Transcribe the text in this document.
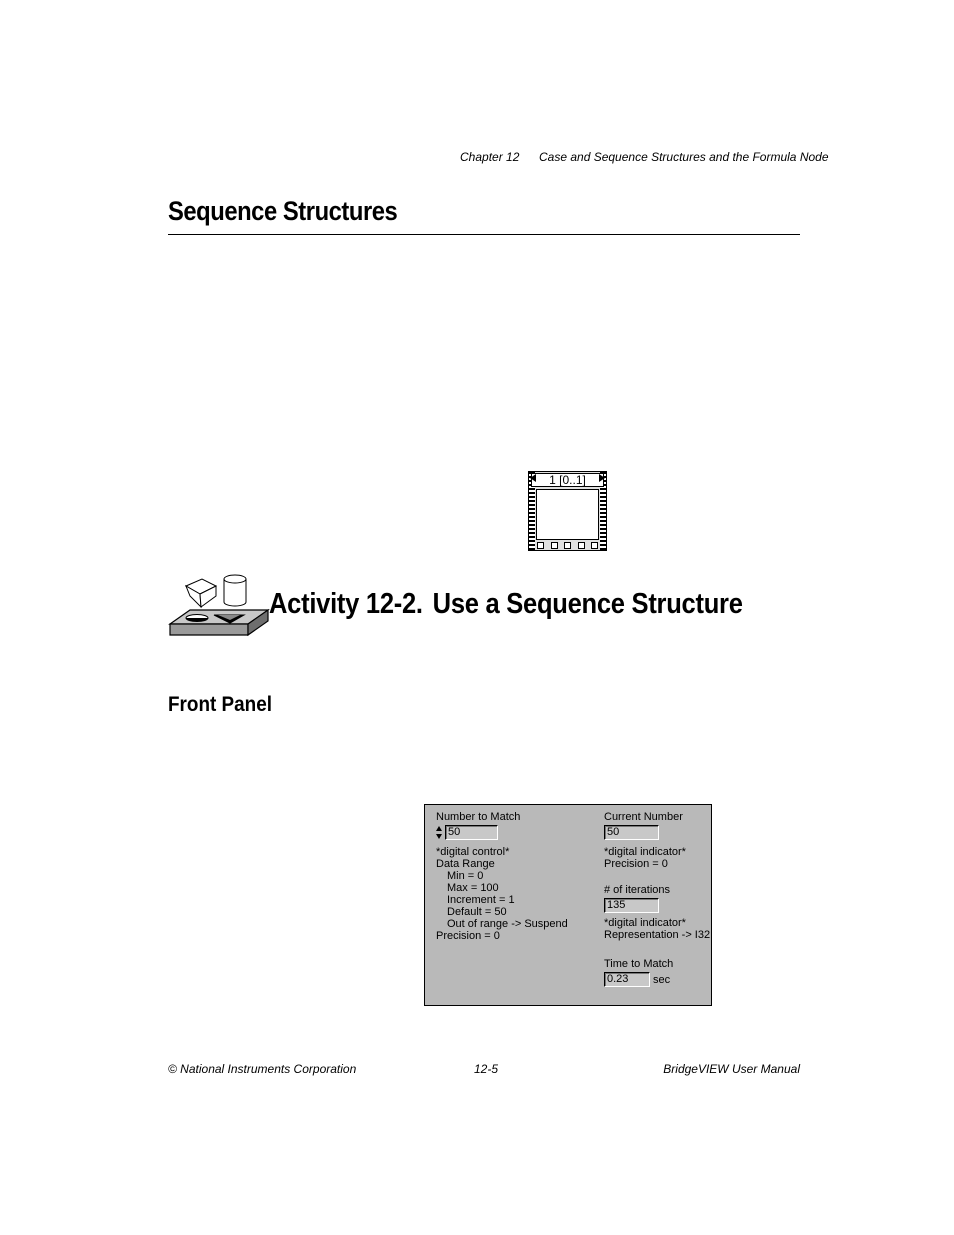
Chapter 12 Case and Sequence Structures and the Formula Node
Sequence Structures
1 [0..1]
Activity 12-2. Use a Sequence Structure
Front Panel
Number to Match
50
*digital control*
Data Range
Min = 0
Max = 100
Increment = 1
Default = 50
Out of range -> Suspend
Precision = 0
Current Number
50
*digital indicator*
Precision = 0
# of iterations
135
*digital indicator*
Representation -> I32
Time to Match
0.23	sec
© National Instruments Corporation	12-5	BridgeVIEW User Manual
